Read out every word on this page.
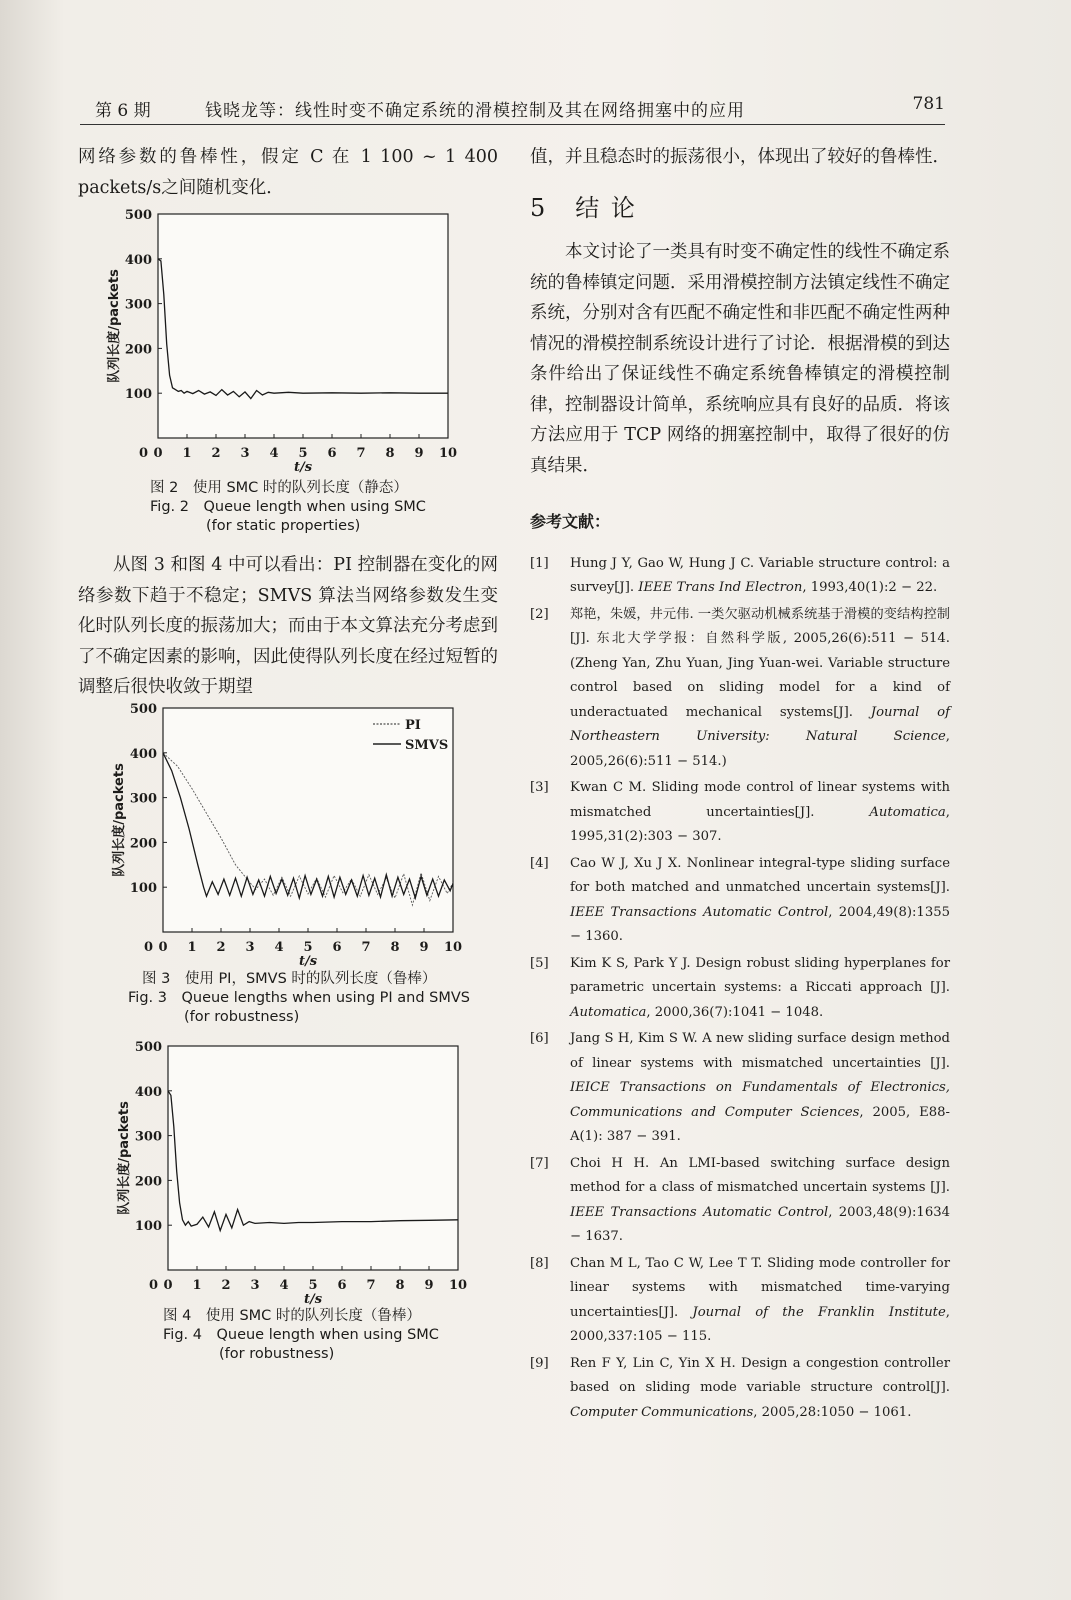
第 6 期	钱晓龙等：线性时变不确定系统的滑模控制及其在网络拥塞中的应用	781

网络参数的鲁棒性，假定 C 在 1 100 ~ 1 400 packets/s之间随机变化．

0 1 2 3 4 5 6 7 8 9 10
0
100
200
300
400
500
t/s
队列长度/packets
图 2　使用 SMC 时的队列长度（静态）
Fig. 2　Queue length when using SMC
(for static properties)

从图 3 和图 4 中可以看出：PI 控制器在变化的网络参数下趋于不稳定；SMVS 算法当网络参数发生变化时队列长度的振荡加大；而由于本文算法充分考虑到了不确定因素的影响，因此使得队列长度在经过短暂的调整后很快收敛于期望

0 1 2 3 4 5 6 7 8 9 10
0
100
200
300
400
500
t/s
队列长度/packets
PI
SMVS
图 3　使用 PI，SMVS 时的队列长度（鲁棒）
Fig. 3　Queue lengths when using PI and SMVS
(for robustness)
0 1 2 3 4 5 6 7 8 9 10
0
100
200
300
400
500
t/s
队列长度/packets
图 4　使用 SMC 时的队列长度（鲁棒）
Fig. 4　Queue length when using SMC
(for robustness)

值，并且稳态时的振荡很小，体现出了较好的鲁棒性．

5 结 论

本文讨论了一类具有时变不确定性的线性不确定系统的鲁棒镇定问题．采用滑模控制方法镇定线性不确定系统，分别对含有匹配不确定性和非匹配不确定性两种情况的滑模控制系统设计进行了讨论．根据滑模的到达条件给出了保证线性不确定系统鲁棒镇定的滑模控制律，控制器设计简单，系统响应具有良好的品质．将该方法应用于 TCP 网络的拥塞控制中，取得了很好的仿真结果．

参考文献：
[1] Hung J Y, Gao W, Hung J C. Variable structure control: a survey[J]. IEEE Trans Ind Electron, 1993,40(1):2 − 22.
[2] 郑艳，朱媛，井元伟. 一类欠驱动机械系统基于滑模的变结构控制[J]. 东北大学学报：自然科学版, 2005,26(6):511 − 514. (Zheng Yan, Zhu Yuan, Jing Yuan-wei. Variable structure control based on sliding model for a kind of underactuated mechanical systems[J]. Journal of Northeastern University: Natural Science, 2005,26(6):511 − 514.)
[3] Kwan C M. Sliding mode control of linear systems with mismatched uncertainties[J]. Automatica, 1995,31(2):303 − 307.
[4] Cao W J, Xu J X. Nonlinear integral-type sliding surface for both matched and unmatched uncertain systems[J]. IEEE Transactions Automatic Control, 2004,49(8):1355 − 1360.
[5] Kim K S, Park Y J. Design robust sliding hyperplanes for parametric uncertain systems: a Riccati approach [J]. Automatica, 2000,36(7):1041 − 1048.
[6] Jang S H, Kim S W. A new sliding surface design method of linear systems with mismatched uncertainties [J]. IEICE Transactions on Fundamentals of Electronics, Communications and Computer Sciences, 2005, E88-A(1): 387 − 391.
[7] Choi H H. An LMI-based switching surface design method for a class of mismatched uncertain systems [J]. IEEE Transactions Automatic Control, 2003,48(9):1634 − 1637.
[8] Chan M L, Tao C W, Lee T T. Sliding mode controller for linear systems with mismatched time-varying uncertainties[J]. Journal of the Franklin Institute, 2000,337:105 − 115.
[9] Ren F Y, Lin C, Yin X H. Design a congestion controller based on sliding mode variable structure control[J]. Computer Communications, 2005,28:1050 − 1061.
